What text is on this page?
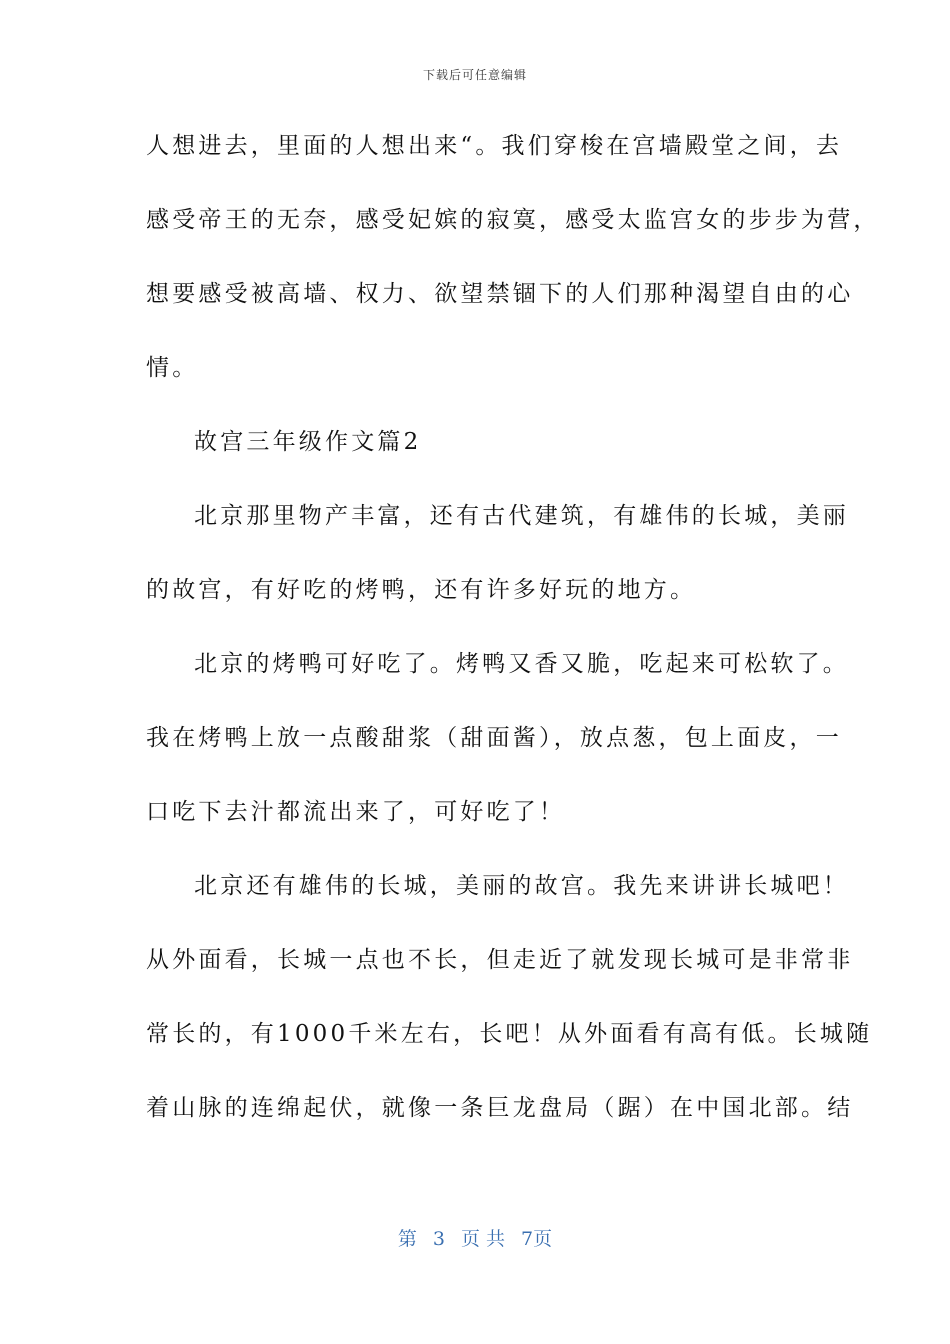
下载后可任意编辑
人想进去，里面的人想出来“。我们穿梭在宫墙殿堂之间，去
感受帝王的无奈，感受妃嫔的寂寞，感受太监宫女的步步为营，
想要感受被高墙、权力、欲望禁锢下的人们那种渴望自由的心
情。
故宫三年级作文篇2
北京那里物产丰富，还有古代建筑，有雄伟的长城，美丽
的故宫，有好吃的烤鸭，还有许多好玩的地方。
北京的烤鸭可好吃了。烤鸭又香又脆，吃起来可松软了。
我在烤鸭上放一点酸甜浆（甜面酱），放点葱，包上面皮，一
口吃下去汁都流出来了，可好吃了！
北京还有雄伟的长城，美丽的故宫。我先来讲讲长城吧！
从外面看，长城一点也不长，但走近了就发现长城可是非常非
常长的，有1000千米左右，长吧！从外面看有高有低。长城随
着山脉的连绵起伏，就像一条巨龙盘局（踞）在中国北部。结
第 3 页 共 7页
